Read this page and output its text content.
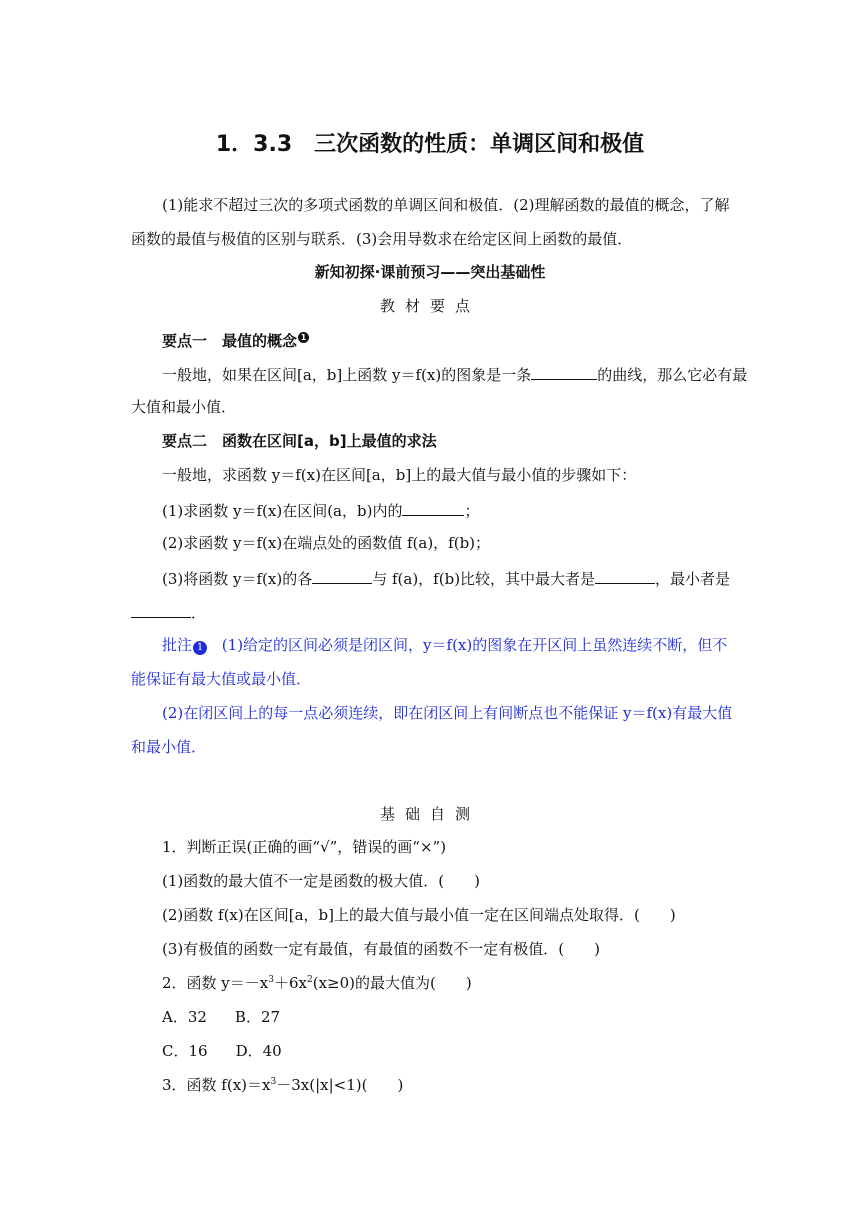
1．3.3　三次函数的性质：单调区间和极值
(1)能求不超过三次的多项式函数的单调区间和极值．(2)理解函数的最值的概念，了解
函数的最值与极值的区别与联系．(3)会用导数求在给定区间上函数的最值．
新知初探·课前预习——突出基础性
教材要点
要点一　最值的概念 1
一般地，如果在区间[a，b]上函数 y＝f(x)的图象是一条	的曲线，那么它必有最
大值和最小值．
要点二　函数在区间[a，b]上最值的求法
一般地，求函数 y＝f(x)在区间[a，b]上的最大值与最小值的步骤如下：
(1)求函数 y＝f(x)在区间(a，b)内的	；
(2)求函数 y＝f(x)在端点处的函数值 f(a)，f(b)；
(3)将函数 y＝f(x)的各	与 f(a)，f(b)比较，其中最大者是	，最小者是
．
批注 1 (1)给定的区间必须是闭区间，y＝f(x)的图象在开区间上虽然连续不断，但不
能保证有最大值或最小值．
(2)在闭区间上的每一点必须连续，即在闭区间上有间断点也不能保证 y＝f(x)有最大值
和最小值．
基础自测
1．判断正误(正确的画“√”，错误的画“×”)
(1)函数的最大值不一定是函数的极大值．(　　)
(2)函数 f(x)在区间[a，b]上的最大值与最小值一定在区间端点处取得．(　　)
(3)有极值的函数一定有最值，有最值的函数不一定有极值．(　　)
2．函数 $y=-x^3+6x^2(x\ge 0)$的最大值为(　　)
A．32 B．27
C．16 D．40
3．函数 $f(x)=x^3-3x(|x|<1)$(　　)
